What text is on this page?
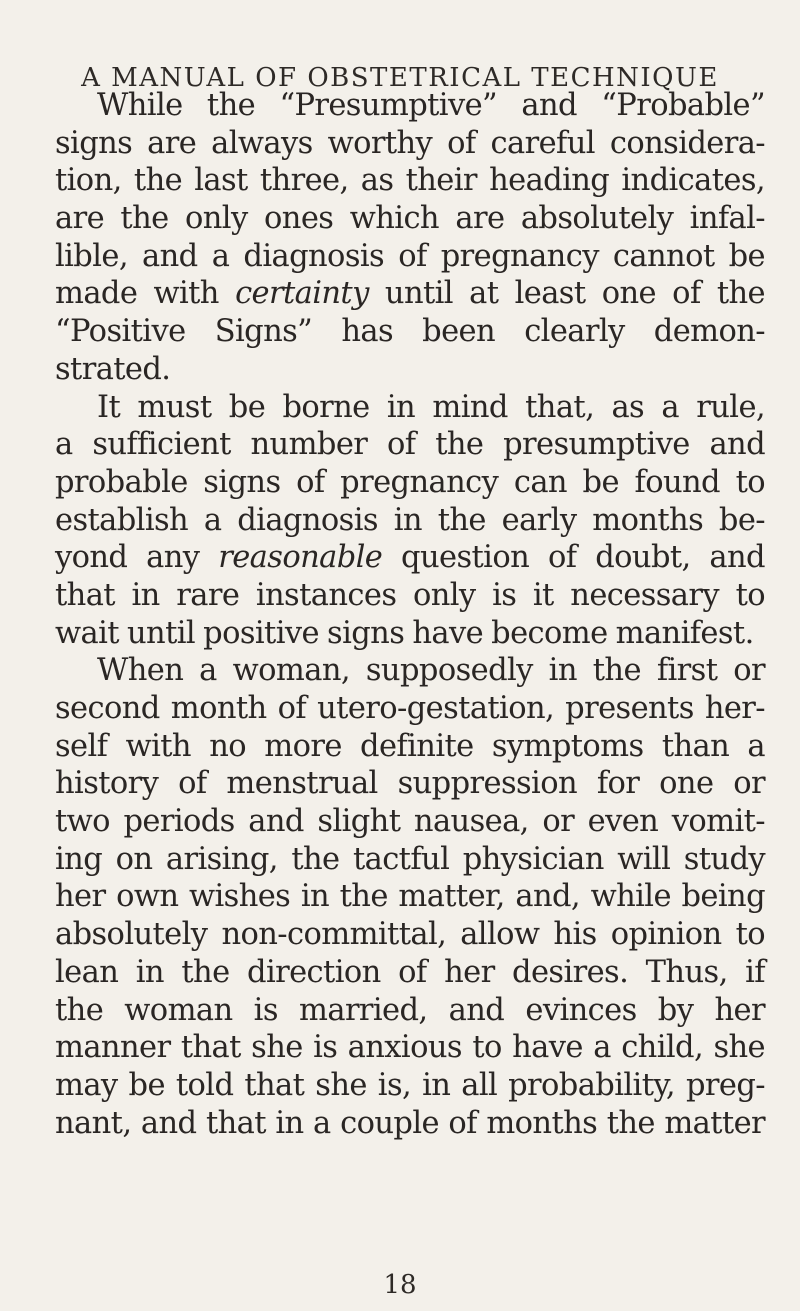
A MANUAL OF OBSTETRICAL TECHNIQUE
While the “Presumptive” and “Probable”
signs are always worthy of careful considera-
tion, the last three, as their heading indicates,
are the only ones which are absolutely infal-
lible, and a diagnosis of pregnancy cannot be
made with certainty until at least one of the
“Positive Signs” has been clearly demon-
strated.
It must be borne in mind that, as a rule,
a sufficient number of the presumptive and
probable signs of pregnancy can be found to
establish a diagnosis in the early months be-
yond any reasonable question of doubt, and
that in rare instances only is it necessary to
wait until positive signs have become manifest.
When a woman, supposedly in the first or
second month of utero-gestation, presents her-
self with no more definite symptoms than a
history of menstrual suppression for one or
two periods and slight nausea, or even vomit-
ing on arising, the tactful physician will study
her own wishes in the matter, and, while being
absolutely non-committal, allow his opinion to
lean in the direction of her desires. Thus, if
the woman is married, and evinces by her
manner that she is anxious to have a child, she
may be told that she is, in all probability, preg-
nant, and that in a couple of months the matter
18
